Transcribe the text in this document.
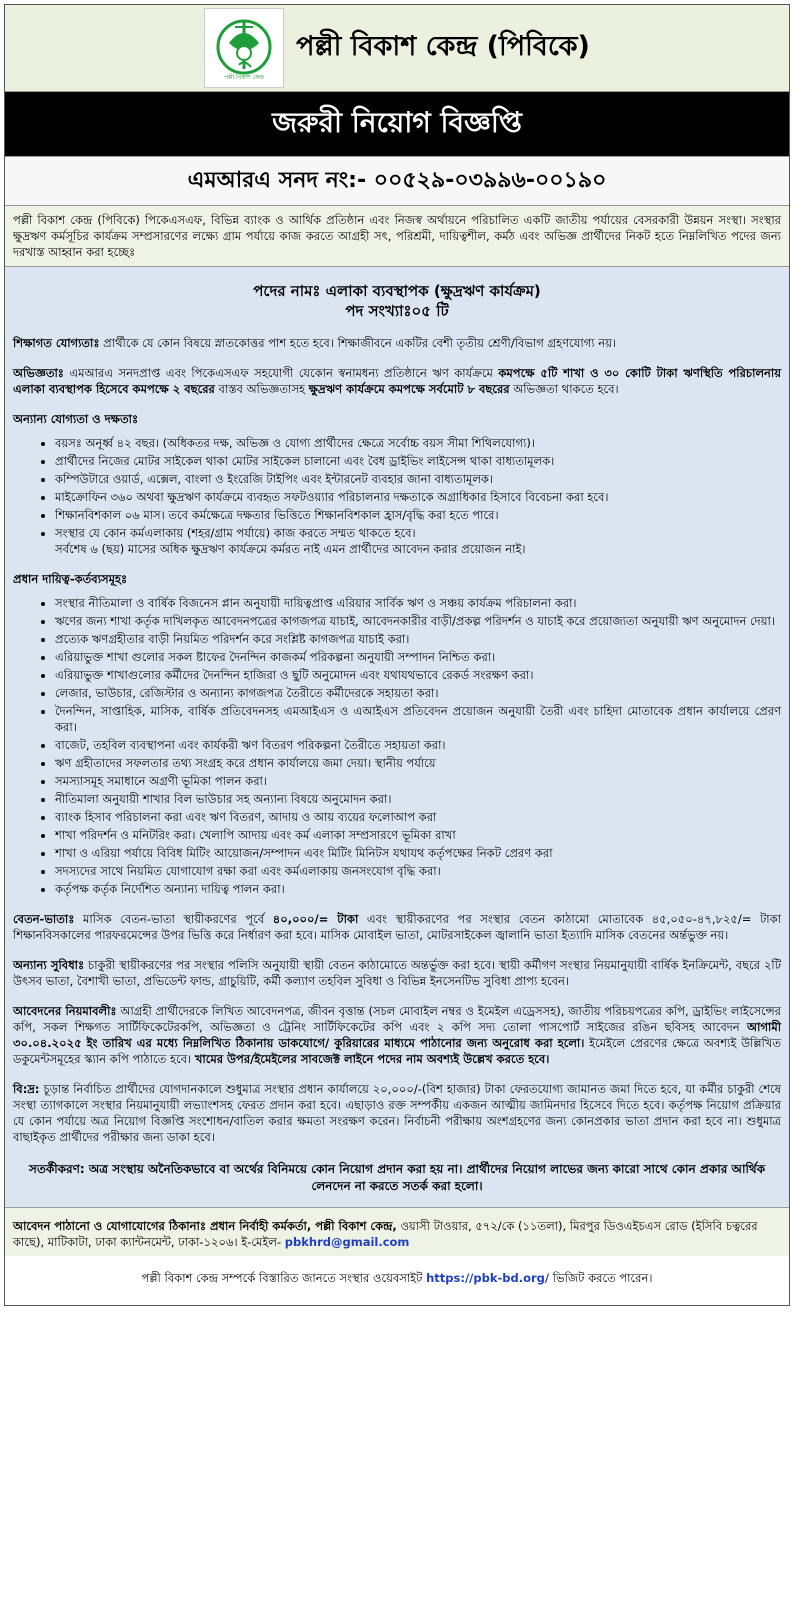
পল্লী বিকাশ কেন্দ্র
পল্লী বিকাশ কেন্দ্র (পিবিকে)
জরুরী নিয়োগ বিজ্ঞপ্তি
এমআরএ সনদ নং:- ০০৫২৯-০৩৯৯৬-০০১৯০
পল্লী বিকাশ কেন্দ্র (পিবিকে) পিকেএসএফ, বিভিন্ন ব্যাংক ও আর্থিক প্রতিষ্ঠান এবং নিজস্ব অর্থায়নে পরিচালিত একটি জাতীয় পর্যায়ের বেসরকারী উন্নয়ন সংস্থা। সংস্থার ক্ষুদ্রঋণ কর্মসূচির কার্যক্রম সম্প্রসারণের লক্ষ্যে গ্রাম পর্যায়ে কাজ করতে আগ্রহী সৎ, পরিশ্রমী, দায়িত্বশীল, কর্মঠ এবং অভিজ্ঞ প্রার্থীদের নিকট হতে নিম্নলিখিত পদের জন্য দরখাস্ত আহ্বান করা হচ্ছেঃ
পদের নামঃ এলাকা ব্যবস্থাপক (ক্ষুদ্রঋণ কার্যক্রম)
পদ সংখ্যাঃ০৫ টি

শিক্ষাগত যোগ্যতাঃ প্রার্থীকে যে কোন বিষয়ে স্নাতকোত্তর পাশ হতে হবে। শিক্ষাজীবনে একটির বেশী তৃতীয় শ্রেণী/বিভাগ গ্রহণযোগ্য নয়।

অভিজ্ঞতাঃ এমআরএ সনদপ্রাপ্ত এবং পিকেএসএফ সহযোগী যেকোন স্বনামধন্য প্রতিষ্ঠানে ঋণ কার্যক্রমে কমপক্ষে ৫টি শাখা ও ৩০ কোটি টাকা ঋণস্থিতি পরিচালনায় এলাকা ব্যবস্থাপক হিসেবে কমপক্ষে ২ বছরের বাস্তব অভিজ্ঞতাসহ ক্ষুদ্রঋণ কার্যক্রমে কমপক্ষে সর্বমোট ৮ বছরের অভিজ্ঞতা থাকতে হবে।

অন্যান্য যোগ্যতা ও দক্ষতাঃ
• বয়সঃ অনূর্ধ্ব ৪২ বছর। (অধিকতর দক্ষ, অভিজ্ঞ ও যোগ্য প্রার্থীদের ক্ষেত্রে সর্বোচ্চ বয়স সীমা শিথিলযোগ্য)।
• প্রার্থীদের নিজের মোটর সাইকেল থাকা মোটর সাইকেল চালানো এবং বৈধ ড্রাইভিং লাইসেন্স থাকা বাধ্যতামূলক।
• কম্পিউটারে ওয়ার্ড, এক্সেল, বাংলা ও ইংরেজি টাইপিং এবং ইন্টারনেট ব্যবহার জানা বাধ্যতামূলক।
• মাইক্রোফিন ৩৬০ অথবা ক্ষুদ্রঋণ কার্যক্রমে ব্যবহৃত সফটওয়্যার পরিচালনার দক্ষতাকে অগ্রাধিকার হিসাবে বিবেচনা করা হবে।
• শিক্ষানবিশকাল ০৬ মাস। তবে কর্মক্ষেত্রে দক্ষতার ভিত্তিতে শিক্ষানবিশকাল হ্রাস/বৃদ্ধি করা হতে পারে।
• সংস্থার যে কোন কর্মএলাকায় (শহর/গ্রাম পর্যায়ে) কাজ করতে সম্মত থাকতে হবে।
সর্বশেষ ৬ (ছয়) মাসের অধিক ক্ষুদ্রঋণ কার্যক্রমে কর্মরত নাই এমন প্রার্থীদের আবেদন করার প্রয়োজন নাই।
প্রধান দায়িত্ব-কর্তব্যসমূহঃ
• সংস্থার নীতিমালা ও বার্ষিক বিজনেস প্লান অনুযায়ী দায়িত্বপ্রাপ্ত এরিয়ার সার্বিক ঋণ ও সঞ্চয় কার্যক্রম পরিচালনা করা।
• ঋণের জন্য শাখা কর্তৃক দাখিলকৃত আবেদনপত্রের কাগজপত্র যাচাই, আবেদনকারীর বাড়ী/প্রকল্প পরিদর্শন ও যাচাই করে প্রয়োজ্যতা অনুযায়ী ঋণ অনুমোদন দেয়া।
• প্রত্যেক ঋণগ্রহীতার বাড়ী নিয়মিত পরিদর্শন করে সংশ্লিষ্ট কাগজপত্র যাচাই করা।
• এরিয়াভুক্ত শাখা গুলোর সকল ষ্টাফের দৈনন্দিন কাজকর্ম পরিকল্পনা অনুযায়ী সম্পাদন নিশ্চিত করা।
• এরিয়াভুক্ত শাখাগুলোর কর্মীদের দৈনন্দিন হাজিরা ও ছুটি অনুমোদন এবং যথাযথভাবে রেকর্ড সংরক্ষণ করা।
• লেজার, ভাউচার, রেজিস্টার ও অন্যান্য কাগজপত্র তৈরীতে কর্মীদেরকে সহায়তা করা।
• দৈনন্দিন, সাপ্তাহিক, মাসিক, বার্ষিক প্রতিবেদনসহ এমআইএস ও এআইএস প্রতিবেদন প্রয়োজন অনুযায়ী তৈরী এবং চাহিদা মোতাবেক প্রধান কার্যালয়ে প্রেরণ করা।
• বাজেট, তহবিল ব্যবস্থাপনা এবং কার্যকরী ঋণ বিতরণ পরিকল্পনা তৈরীতে সহায়তা করা।
• ঋণ গ্রহীতাদের সফলতার তথ্য সংগ্রহ করে প্রধান কার্যালয়ে জমা দেয়া। স্থানীয় পর্যায়ে
• সমস্যাসমূহ সমাধানে অগ্রণী ভূমিকা পালন করা।
• নীতিমালা অনুযায়ী শাখার বিল ভাউচার সহ অন্যান্য বিষয়ে অনুমোদন করা।
• ব্যাংক হিসাব পরিচালনা করা এবং ঋণ বিতরণ, আদায় ও আয় ব্যয়ের ফলোআপ করা
• শাখা পরিদর্শন ও মনিটরিং করা। খেলাপি আদায় এবং কর্ম এলাকা সম্প্রসারণে ভূমিকা রাখা
• শাখা ও এরিয়া পর্যায়ে বিবিধ মিটিং আয়োজন/সম্পাদন এবং মিটিং মিনিটস যথাযথ কর্তৃপক্ষের নিকট প্রেরণ করা
• সদস্যদের সাথে নিয়মিত যোগাযোগ রক্ষা করা এবং কর্মএলাকায় জনসংযোগ বৃদ্ধি করা।
• কর্তৃপক্ষ কর্তৃক নির্দেশিত অন্যান্য দায়িত্ব পালন করা।

বেতন-ভাতাঃ মাসিক বেতন-ভাতা স্থায়ীকরণের পূর্বে ৪০,০০০/= টাকা এবং স্থায়ীকরণের পর সংস্থার বেতন কাঠামো মোতাবেক ৪৫,০৫০-৪৭,৮২৫/= টাকা শিক্ষানবিসকালের পারফরমেন্সের উপর ভিত্তি করে নির্ধারণ করা হবে। মাসিক মোবাইল ভাতা, মোটরসাইকেল জ্বালানি ভাতা ইত্যাদি মাসিক বেতনের অর্ন্তভুক্ত নয়।

অন্যান্য সুবিধাঃ চাকুরী স্থায়ীকরণের পর সংস্থার পলিসি অনুযায়ী স্থায়ী বেতন কাঠামোতে অন্তর্ভুক্ত করা হবে। স্থায়ী কর্মীগণ সংস্থার নিয়মানুযায়ী বার্ষিক ইনক্রিমেন্ট, বছরে ২টি উৎসব ভাতা, বৈশাখী ভাতা, প্রভিডেন্ট ফান্ড, গ্রাচুয়িটি, কর্মী কল্যাণ তহবিল সুবিধা ও বিভিন্ন ইনসেনটিভ সুবিধা প্রাপ্য হবেন।

আবেদনের নিয়মাবলীঃ আগ্রহী প্রার্থীদেরকে লিখিত আবেদনপত্র, জীবন বৃত্তান্ত (সচল মোবাইল নম্বর ও ইমেইল এড্রেসসহ), জাতীয় পরিচয়পত্রের কপি, ড্রাইভিং লাইসেন্সের কপি, সকল শিক্ষগত সার্টিফিকেটেরকপি, অভিজ্ঞতা ও ট্রেনিং সার্টিফিকেটের কপি এবং ২ কপি সদ্য তোলা পাসপোর্ট সাইজের রঙিন ছবিসহ আবেদন আগামী ৩০.০৪.২০২৫ ইং তারিখ এর মধ্যে নিম্নলিখিত ঠিকানায় ডাকযোগে/ কুরিয়ারের মাধ্যমে পাঠানোর জন্য অনুরোধ করা হলো। ইমেইলে প্রেরণের ক্ষেত্রে অবশ্যই উল্লিখিত ডকুমেন্টসমূহের স্ক্যান কপি পাঠাতে হবে। খামের উপর/ইমেইলের সাবজেক্ট লাইনে পদের নাম অবশ্যই উল্লেখ করতে হবে।

বি:দ্র: চূড়ান্ত নির্বাচিত প্রার্থীদের যোগদানকালে শুধুমাত্র সংস্থার প্রধান কার্যালয়ে ২০,০০০/-(বিশ হাজার) টাকা ফেরতযোগ্য জামানত জমা দিতে হবে, যা কর্মীর চাকুরী শেষে সংস্থা ত্যাগকালে সংস্থার নিয়মানুযায়ী লভ্যাংশসহ ফেরত প্রদান করা হবে। এছাড়াও রক্ত সম্পর্কীয় একজন আত্মীয় জামিনদার হিসেবে দিতে হবে। কর্তৃপক্ষ নিয়োগ প্রক্রিয়ার যে কোন পর্যায়ে অত্র নিয়োগ বিজ্ঞপ্তি সংশোধন/বাতিল করার ক্ষমতা সংরক্ষণ করেন। নির্বাচনী পরীক্ষায় অংশগ্রহণের জন্য কোনপ্রকার ভাতা প্রদান করা হবে না। শুধুমাত্র বাছাইকৃত প্রার্থীদের পরীক্ষার জন্য ডাকা হবে।

সতর্কীকরণ: অত্র সংস্থায় অনৈতিকভাবে বা অর্থের বিনিময়ে কোন নিয়োগ প্রদান করা হয় না। প্রার্থীদের নিয়োগ লাভের জন্য কারো সাথে কোন প্রকার আর্থিক লেনদেন না করতে সতর্ক করা হলো।
আবেদন পাঠানো ও যোগাযোগের ঠিকানাঃ প্রধান নির্বাহী কর্মকর্তা, পল্লী বিকাশ কেন্দ্র, ওয়াসী টাওয়ার, ৫৭২/কে (১১তলা), মিরপুর ডিওএইচএস রোড (ইসিবি চত্বরের কাছে), মাটিকাটা, ঢাকা ক্যান্টনমেন্ট, ঢাকা-১২০৬। ই-মেইল- pbkhrd@gmail.com
পল্লী বিকাশ কেন্দ্র সম্পর্কে বিস্তারিত জানতে সংস্থার ওয়েবসাইট https://pbk-bd.org/ ভিজিট করতে পারেন।
